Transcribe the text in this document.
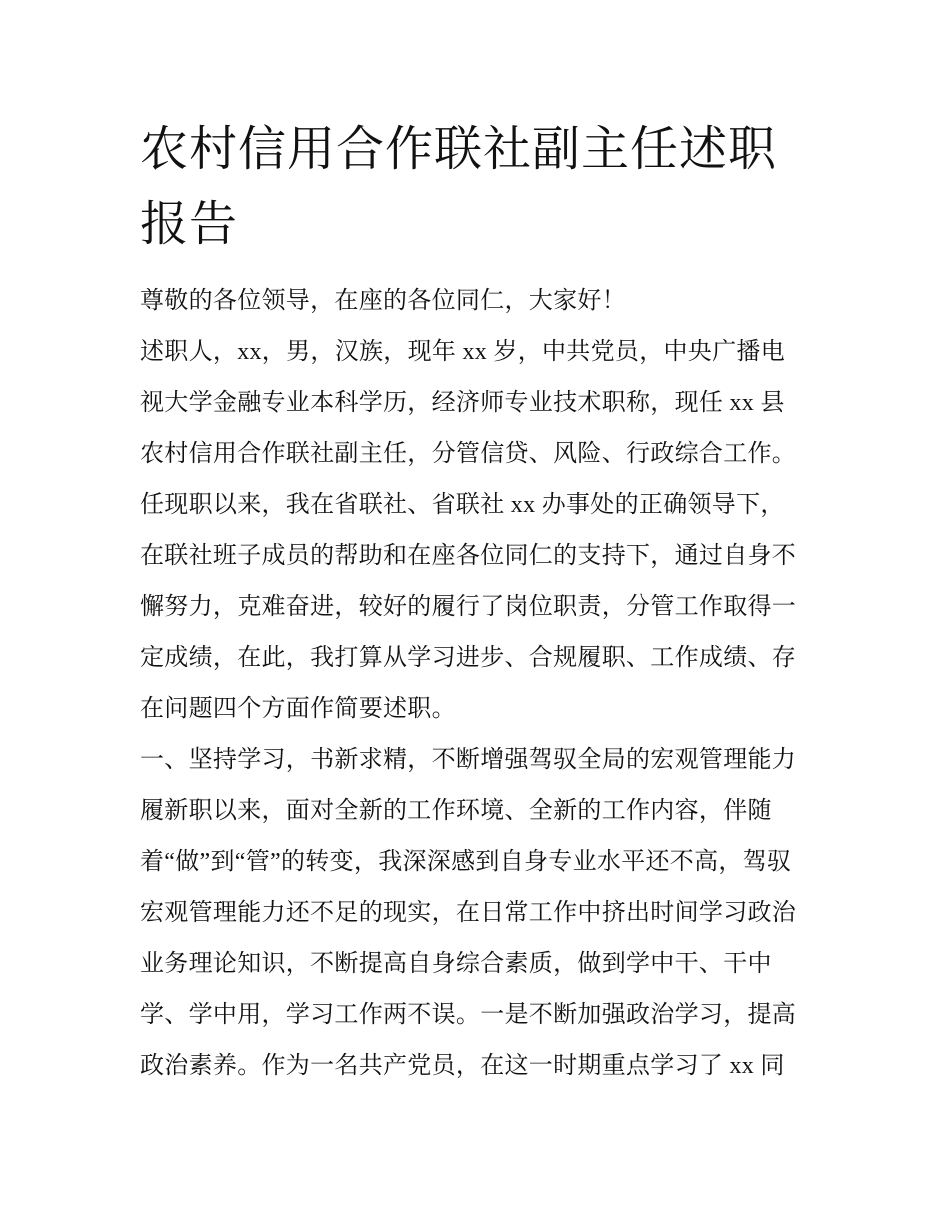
农村信用合作联社副主任述职
报告
尊敬的各位领导，在座的各位同仁，大家好！
述职人，xx，男，汉族，现年 xx 岁，中共党员，中央广播电
视大学金融专业本科学历，经济师专业技术职称，现任 xx 县
农村信用合作联社副主任，分管信贷、风险、行政综合工作。
任现职以来，我在省联社、省联社 xx 办事处的正确领导下，
在联社班子成员的帮助和在座各位同仁的支持下，通过自身不
懈努力，克难奋进，较好的履行了岗位职责，分管工作取得一
定成绩，在此，我打算从学习进步、合规履职、工作成绩、存
在问题四个方面作简要述职。
一、坚持学习，书新求精，不断增强驾驭全局的宏观管理能力
履新职以来，面对全新的工作环境、全新的工作内容，伴随
着“做”到“管”的转变，我深深感到自身专业水平还不高，驾驭
宏观管理能力还不足的现实，在日常工作中挤出时间学习政治
业务理论知识，不断提高自身综合素质，做到学中干、干中
学、学中用，学习工作两不误。一是不断加强政治学习，提高
政治素养。作为一名共产党员，在这一时期重点学习了 xx 同
